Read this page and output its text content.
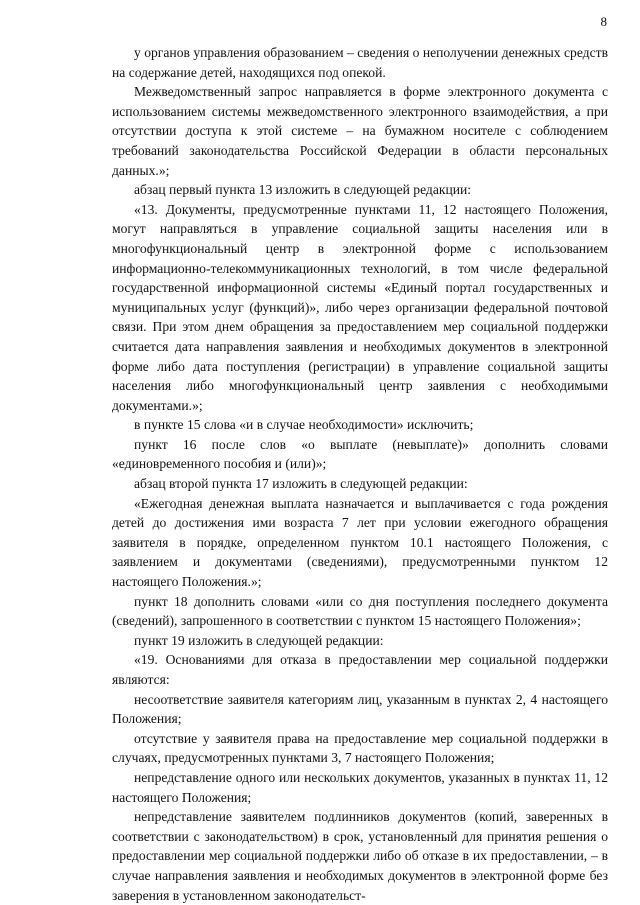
8

у органов управления образованием – сведения о неполучении денежных средств на содержание детей, находящихся под опекой.

Межведомственный запрос направляется в форме электронного документа с использованием системы межведомственного электронного взаимодействия, а при отсутствии доступа к этой системе – на бумажном носителе с соблюдением требований законодательства Российской Федерации в области персональных данных.»;

абзац первый пункта 13 изложить в следующей редакции:

«13. Документы, предусмотренные пунктами 11, 12 настоящего Положения, могут направляться в управление социальной защиты населения или в многофункциональный центр в электронной форме с использованием информационно-телекоммуникационных технологий, в том числе федеральной государственной информационной системы «Единый портал государственных и муниципальных услуг (функций)», либо через организации федеральной почтовой связи. При этом днем обращения за предоставлением мер социальной поддержки считается дата направления заявления и необходимых документов в электронной форме либо дата поступления (регистрации) в управление социальной защиты населения либо многофункциональный центр заявления с необходимыми документами.»;

в пункте 15 слова «и в случае необходимости» исключить;

пункт 16 после слов «о выплате (невыплате)» дополнить словами «единовременного пособия и (или)»;

абзац второй пункта 17 изложить в следующей редакции:

«Ежегодная денежная выплата назначается и выплачивается с года рождения детей до достижения ими возраста 7 лет при условии ежегодного обращения заявителя в порядке, определенном пунктом 10.1 настоящего Положения, с заявлением и документами (сведениями), предусмотренными пунктом 12 настоящего Положения.»;

пункт 18 дополнить словами «или со дня поступления последнего документа (сведений), запрошенного в соответствии с пунктом 15 настоящего Положения»;

пункт 19 изложить в следующей редакции:

«19. Основаниями для отказа в предоставлении мер социальной поддержки являются:

несоответствие заявителя категориям лиц, указанным в пунктах 2, 4 настоящего Положения;

отсутствие у заявителя права на предоставление мер социальной поддержки в случаях, предусмотренных пунктами 3, 7 настоящего Положения;

непредставление одного или нескольких документов, указанных в пунктах 11, 12 настоящего Положения;

непредставление заявителем подлинников документов (копий, заверенных в соответствии с законодательством) в срок, установленный для принятия решения о предоставлении мер социальной поддержки либо об отказе в их предоставлении, – в случае направления заявления и необходимых документов в электронной форме без заверения в установленном законодательст-
